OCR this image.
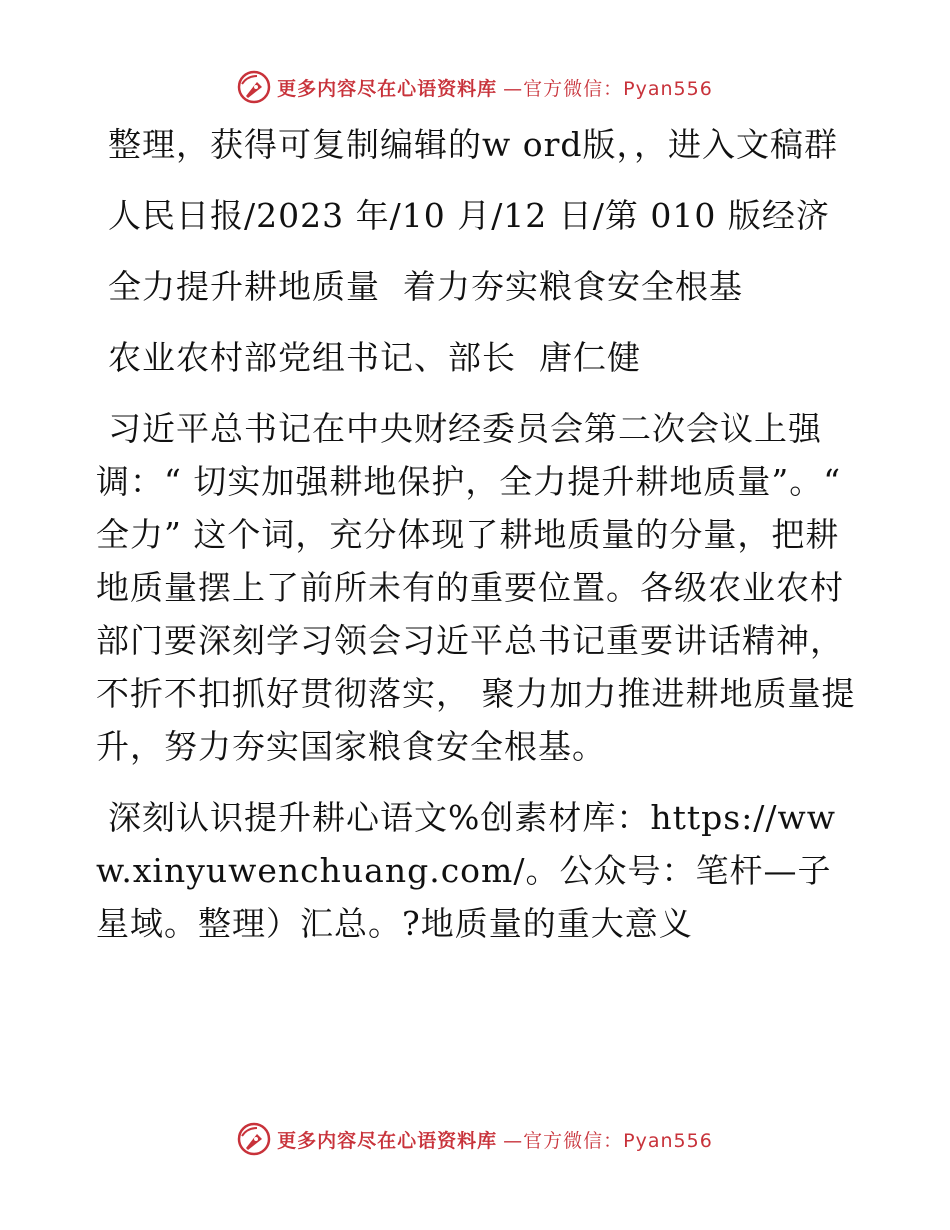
更多内容尽在心语资料库 —官方微信：Pyan556

整理，获得可复制编辑的w ord版，，进入文稿群

人民日报/2023 年/10 月/12 日/第 010 版经济

全力提升耕地质量  着力夯实粮食安全根基

农业农村部党组书记、部长  唐仁健

习近平总书记在中央财经委员会第二次会议上强调：“ 切实加强耕地保护，全力提升耕地质量”。“ 全力” 这个词，充分体现了耕地质量的分量，把耕地质量摆上了前所未有的重要位置。各级农业农村部门要深刻学习领会习近平总书记重要讲话精神， 不折不扣抓好贯彻落实， 聚力加力推进耕地质量提升，努力夯实国家粮食安全根基。

深刻认识提升耕心语文%创素材库：https://www.xinyuwenchuang.com/。公众号：笔杆—子星域。整理）汇总。?地质量的重大意义

更多内容尽在心语资料库 —官方微信：Pyan556
